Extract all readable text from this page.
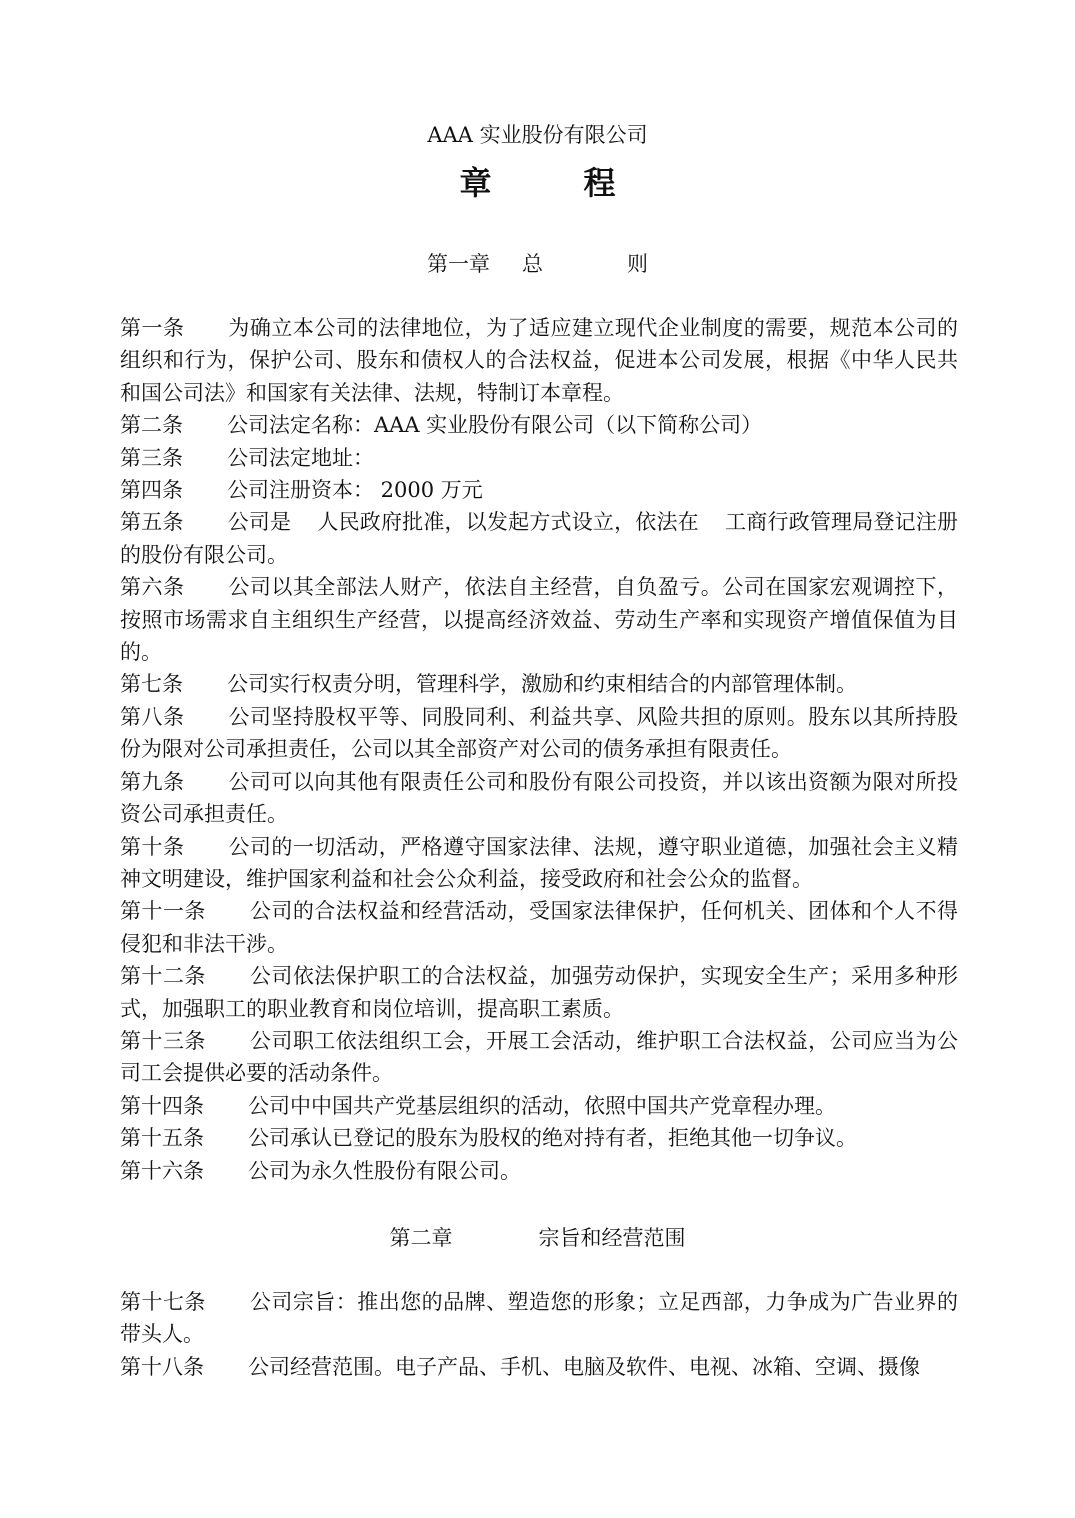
AAA 实业股份有限公司
章	程
第一章 总	则

第一条 为确立本公司的法律地位，为了适应建立现代企业制度的需要，规范本公司的组织和行为，保护公司、股东和债权人的合法权益，促进本公司发展，根据《中华人民共和国公司法》和国家有关法律、法规，特制订本章程。

第二条 公司法定名称：AAA 实业股份有限公司（以下简称公司）

第三条 公司法定地址：

第四条 公司注册资本： 2000 万元

第五条 公司是 人民政府批准，以发起方式设立，依法在 工商行政管理局登记注册的股份有限公司。

第六条 公司以其全部法人财产，依法自主经营，自负盈亏。公司在国家宏观调控下，按照市场需求自主组织生产经营，以提高经济效益、劳动生产率和实现资产增值保值为目的。

第七条 公司实行权责分明，管理科学，激励和约束相结合的内部管理体制。

第八条 公司坚持股权平等、同股同利、利益共享、风险共担的原则。股东以其所持股份为限对公司承担责任，公司以其全部资产对公司的债务承担有限责任。

第九条 公司可以向其他有限责任公司和股份有限公司投资，并以该出资额为限对所投资公司承担责任。

第十条 公司的一切活动，严格遵守国家法律、法规，遵守职业道德，加强社会主义精神文明建设，维护国家利益和社会公众利益，接受政府和社会公众的监督。

第十一条 公司的合法权益和经营活动，受国家法律保护，任何机关、团体和个人不得侵犯和非法干涉。

第十二条 公司依法保护职工的合法权益，加强劳动保护，实现安全生产；采用多种形式，加强职工的职业教育和岗位培训，提高职工素质。

第十三条 公司职工依法组织工会，开展工会活动，维护职工合法权益，公司应当为公司工会提供必要的活动条件。

第十四条 公司中中国共产党基层组织的活动，依照中国共产党章程办理。

第十五条 公司承认已登记的股东为股权的绝对持有者，拒绝其他一切争议。

第十六条 公司为永久性股份有限公司。

第二章	宗旨和经营范围

第十七条 公司宗旨：推出您的品牌、塑造您的形象；立足西部，力争成为广告业界的带头人。

第十八条 公司经营范围。电子产品、手机、电脑及软件、电视、冰箱、空调、摄像
